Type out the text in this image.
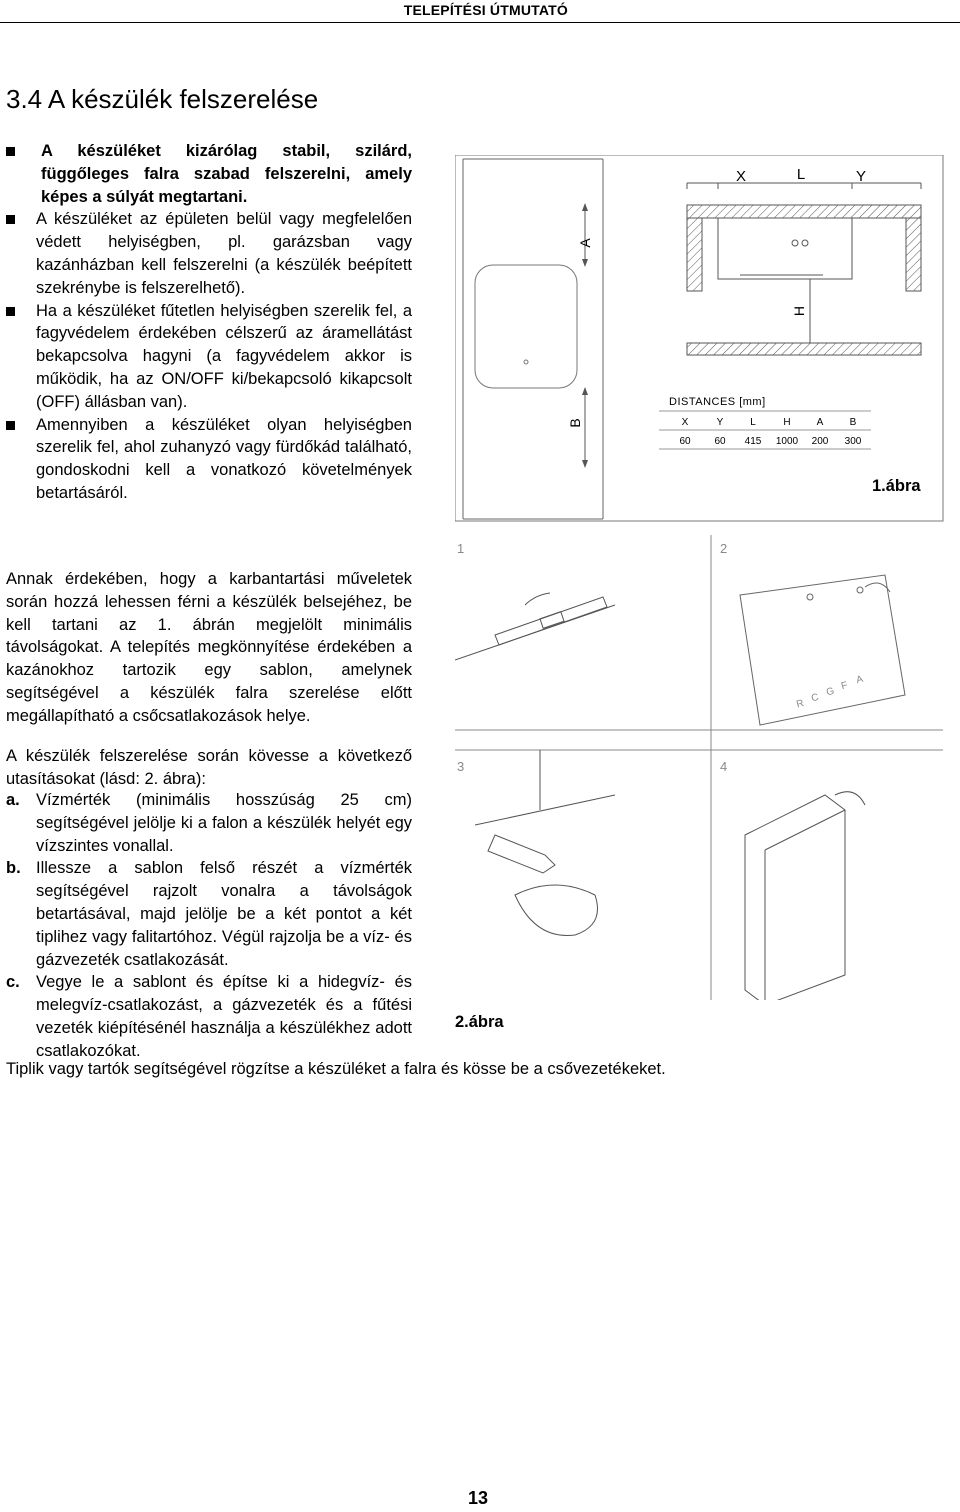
TELEPÍTÉSI ÚTMUTATÓ
3.4 A készülék felszerelése
A készüléket kizárólag stabil, szilárd, függőleges falra szabad felszerelni, amely képes a súlyát megtartani.
A készüléket az épületen belül vagy megfelelően védett helyiségben, pl. garázsban vagy kazánházban kell felszerelni (a készülék beépített szekrénybe is felszerelhető).
Ha a készüléket fűtetlen helyiségben szerelik fel, a fagyvédelem érdekében célszerű az áramellátást bekapcsolva hagyni (a fagyvédelem akkor is működik, ha az ON/OFF ki/bekapcsoló kikapcsolt (OFF) állásban van).
Amennyiben a készüléket olyan helyiségben szerelik fel, ahol zuhanyzó vagy fürdőkád található, gondoskodni kell a vonatkozó követelmények betartásáról.

Annak érdekében, hogy a karbantartási műveletek során hozzá lehessen férni a készülék belsejéhez, be kell tartani az 1. ábrán megjelölt minimális távolságokat. A telepítés megkönnyítése érdekében a kazánokhoz tartozik egy sablon, amelynek segítségével a készülék falra szerelése előtt megállapítható a csőcsatlakozások helye.

A készülék felszerelése során kövesse a következő utasításokat (lásd: 2. ábra):

a. Vízmérték (minimális hosszúság 25 cm) segítségével jelölje ki a falon a készülék helyét egy vízszintes vonallal.
b. Illessze a sablon felső részét a vízmérték segítségével rajzolt vonalra a távolságok betartásával, majd jelölje be a két pontot a két tiplihez vagy falitartóhoz. Végül rajzolja be a víz- és gázvezeték csatlakozását.
c. Vegye le a sablont és építse ki a hidegvíz- és melegvíz-csatlakozást, a gázvezeték és a fűtési vezeték kiépítésénél használja a készülékhez adott csatlakozókat.
Tiplik vagy tartók segítségével rögzítse a készüléket a falra és kösse be a csővezetékeket.
A
B
X	L	Y
H
DISTANCES [mm]
X	Y	L	H	A	B
60 60 415 1000 200 300
1.ábra
1	2
3	4
R C G F A
2.ábra
13
